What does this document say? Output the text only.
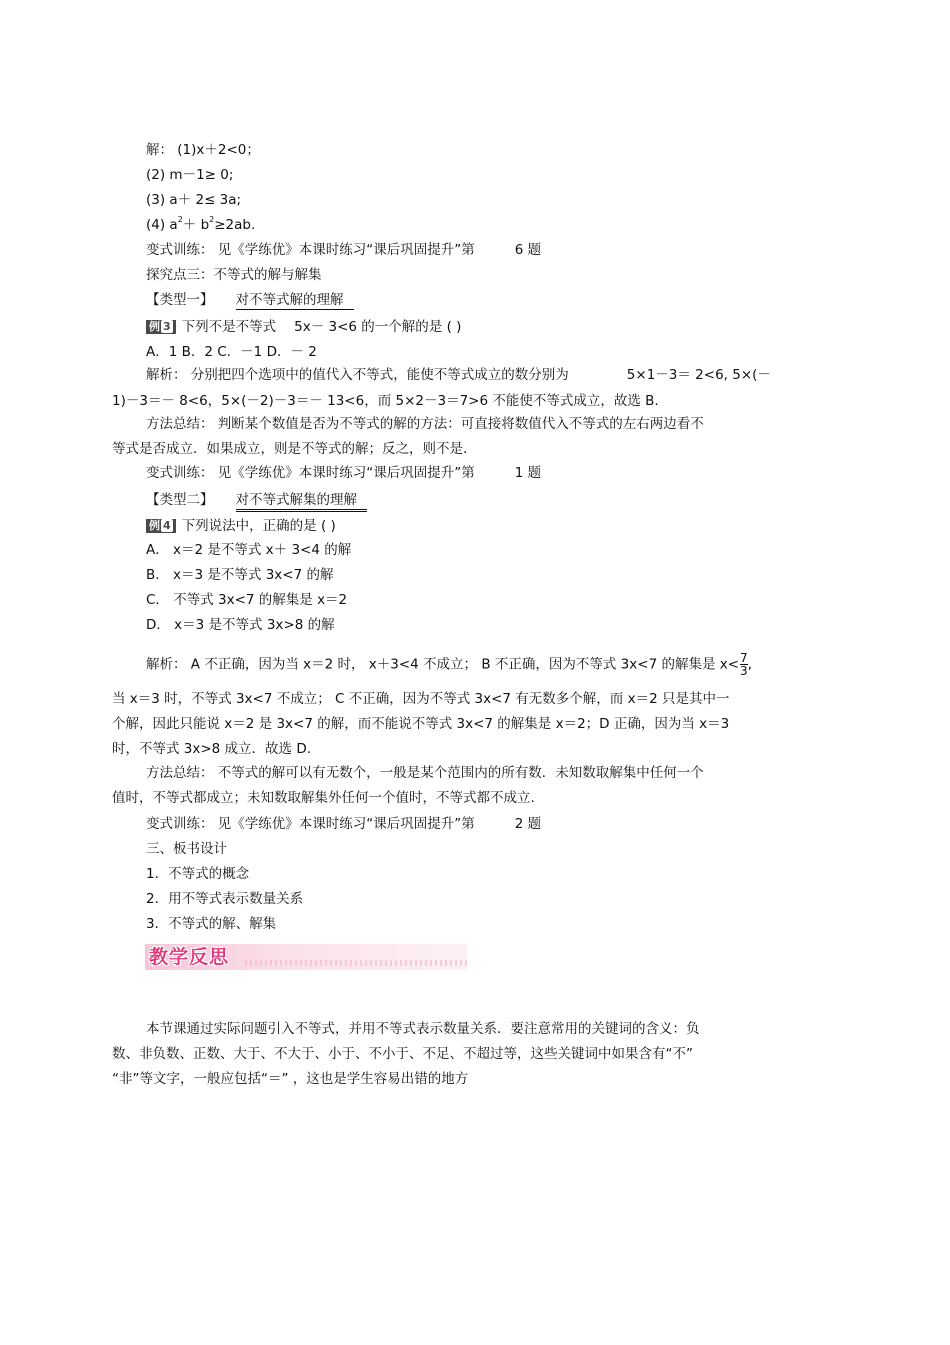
解： (1)x＋2<0；
(2) m－1≥ 0;
(3) a＋ 2≤ 3a;
(4) $a^2+ b^2\ge 2ab$.
变式训练： 见《学练优》本课时练习“课后巩固提升”第	6 题
探究点三：不等式的解与解集
【类型一】 对不等式解的理解
例 3 下列不是不等式 5x－ 3<6 的一个解的是 ( )
A．1 B．2 C．－1 D．－ 2
解析： 分别把四个选项中的值代入不等式，能使不等式成立的数分别为	5×1－3＝ 2<6, 5×(－
1)－3＝－ 8<6，5×(－2)－3＝－ 13<6，而 5×2－3＝7>6 不能使不等式成立，故选 B.
方法总结： 判断某个数值是否为不等式的解的方法：可直接将数值代入不等式的左右两边看不
等式是否成立．如果成立，则是不等式的解；反之，则不是.
变式训练： 见《学练优》本课时练习“课后巩固提升”第	1 题
【类型二】 对不等式解集的理解
例 4 下列说法中，正确的是 ( )
A． x＝2 是不等式 x＋ 3<4 的解
B． x＝3 是不等式 3x<7 的解
C． 不等式 3x<7 的解集是 x＝2
D． x＝3 是不等式 3x>8 的解
解析： A 不正确，因为当 x＝2 时， x＋3<4 不成立； B 不正确，因为不等式 3x<7 的解集是 $x< \frac{7}{3}$ ,
当 x＝3 时，不等式 3x<7 不成立； C 不正确，因为不等式 3x<7 有无数多个解，而 x＝2 只是其中一
个解，因此只能说 x＝2 是 3x<7 的解，而不能说不等式 3x<7 的解集是 x＝2；D 正确，因为当 x＝3
时，不等式 3x>8 成立．故选 D.
方法总结： 不等式的解可以有无数个，一般是某个范围内的所有数．未知数取解集中任何一个
值时，不等式都成立；未知数取解集外任何一个值时，不等式都不成立.
变式训练： 见《学练优》本课时练习“课后巩固提升”第	2 题
三、板书设计
1．不等式的概念
2．用不等式表示数量关系
3．不等式的解、解集
教学反思
本节课通过实际问题引入不等式，并用不等式表示数量关系．要注意常用的关键词的含义：负
数、非负数、正数、大于、不大于、小于、不小于、不足、不超过等，这些关键词中如果含有“不”
“非”等文字，一般应包括“＝” ，这也是学生容易出错的地方
